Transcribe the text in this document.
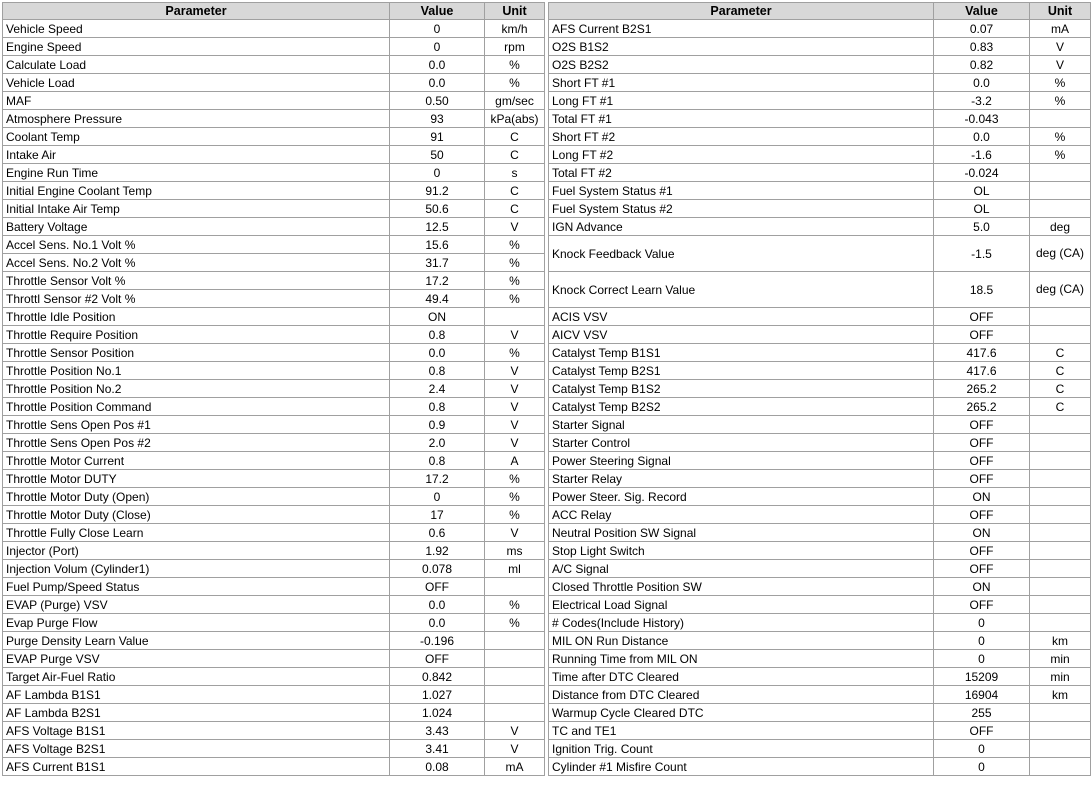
Parameter	Value	Unit
Vehicle Speed	0	km/h
Engine Speed	0	rpm
Calculate Load	0.0	%
Vehicle Load	0.0	%
MAF	0.50	gm/sec
Atmosphere Pressure	93	kPa(abs)
Coolant Temp	91	C
Intake Air	50	C
Engine Run Time	0	s
Initial Engine Coolant Temp	91.2	C
Initial Intake Air Temp	50.6	C
Battery Voltage	12.5	V
Accel Sens. No.1 Volt %	15.6	%
Accel Sens. No.2 Volt %	31.7	%
Throttle Sensor Volt %	17.2	%
Throttl Sensor #2 Volt %	49.4	%
Throttle Idle Position	ON	
Throttle Require Position	0.8	V
Throttle Sensor Position	0.0	%
Throttle Position No.1	0.8	V
Throttle Position No.2	2.4	V
Throttle Position Command	0.8	V
Throttle Sens Open Pos #1	0.9	V
Throttle Sens Open Pos #2	2.0	V
Throttle Motor Current	0.8	A
Throttle Motor DUTY	17.2	%
Throttle Motor Duty (Open)	0	%
Throttle Motor Duty (Close)	17	%
Throttle Fully Close Learn	0.6	V
Injector (Port)	1.92	ms
Injection Volum (Cylinder1)	0.078	ml
Fuel Pump/Speed Status	OFF	
EVAP (Purge) VSV	0.0	%
Evap Purge Flow	0.0	%
Purge Density Learn Value	-0.196	
EVAP Purge VSV	OFF	
Target Air-Fuel Ratio	0.842	
AF Lambda B1S1	1.027	
AF Lambda B2S1	1.024	
AFS Voltage B1S1	3.43	V
AFS Voltage B2S1	3.41	V
AFS Current B1S1	0.08	mA
Parameter	Value	Unit
AFS Current B2S1	0.07	mA
O2S B1S2	0.83	V
O2S B2S2	0.82	V
Short FT #1	0.0	%
Long FT #1	-3.2	%
Total FT #1	-0.043	
Short FT #2	0.0	%
Long FT #2	-1.6	%
Total FT #2	-0.024	
Fuel System Status #1	OL	
Fuel System Status #2	OL	
IGN Advance	5.0	deg
Knock Feedback Value	-1.5	deg (CA)
Knock Correct Learn Value	18.5	deg (CA)
ACIS VSV	OFF	
AICV VSV	OFF	
Catalyst Temp B1S1	417.6	C
Catalyst Temp B2S1	417.6	C
Catalyst Temp B1S2	265.2	C
Catalyst Temp B2S2	265.2	C
Starter Signal	OFF	
Starter Control	OFF	
Power Steering Signal	OFF	
Starter Relay	OFF	
Power Steer. Sig. Record	ON	
ACC Relay	OFF	
Neutral Position SW Signal	ON	
Stop Light Switch	OFF	
A/C Signal	OFF	
Closed Throttle Position SW	ON	
Electrical Load Signal	OFF	
# Codes(Include History)	0	
MIL ON Run Distance	0	km
Running Time from MIL ON	0	min
Time after DTC Cleared	15209	min
Distance from DTC Cleared	16904	km
Warmup Cycle Cleared DTC	255	
TC and TE1	OFF	
Ignition Trig. Count	0	
Cylinder #1 Misfire Count	0	
